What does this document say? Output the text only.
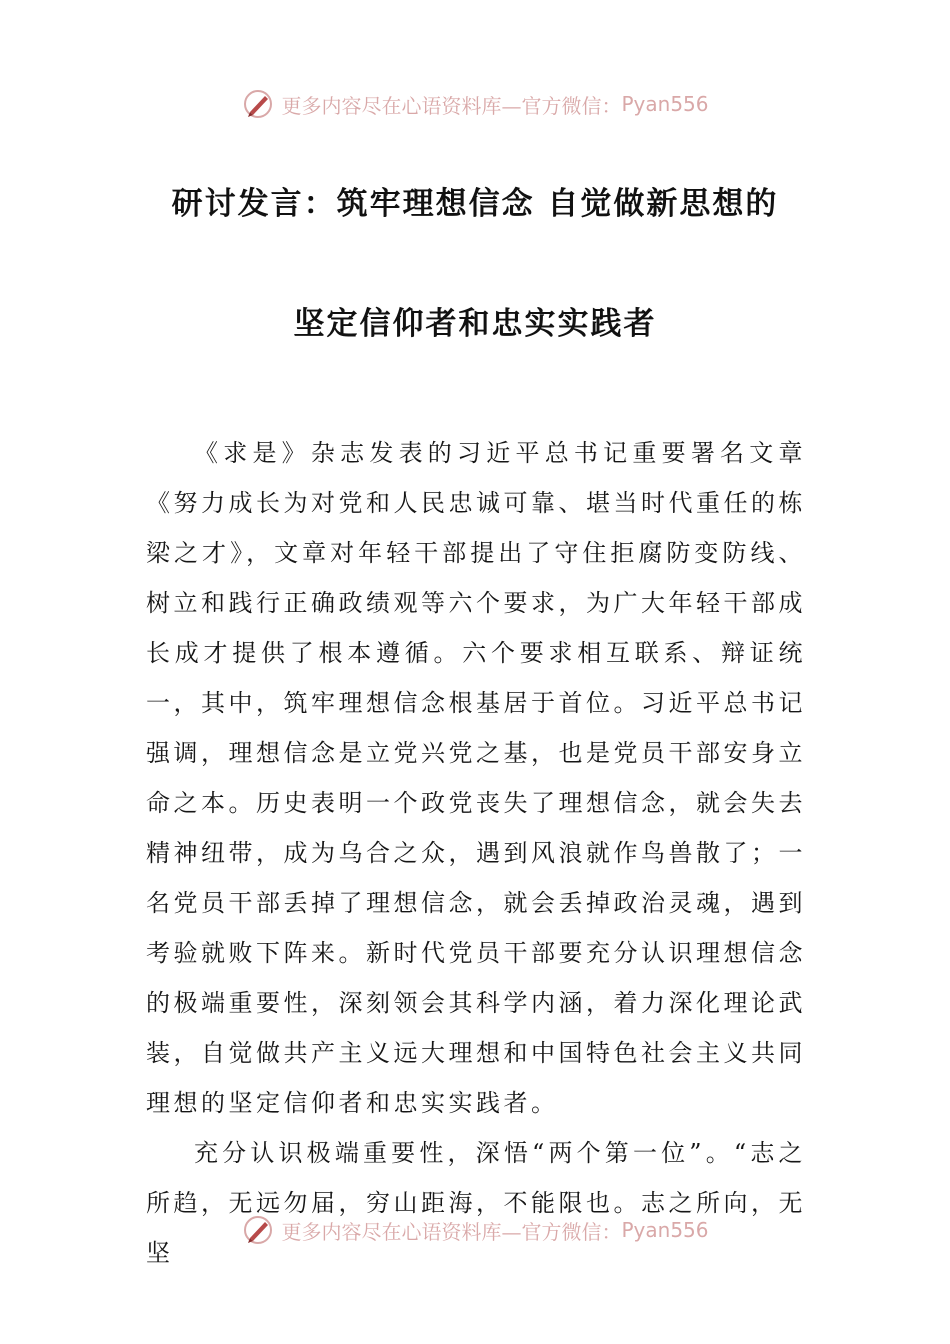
更多内容尽在心语资料库—官方微信： Pyan556
研讨发言：筑牢理想信念 自觉做新思想的
坚定信仰者和忠实实践者

《求是》杂志发表的习近平总书记重要署名文章《努力成长为对党和人民忠诚可靠、堪当时代重任的栋梁之才》，文章对年轻干部提出了守住拒腐防变防线、树立和践行正确政绩观等六个要求，为广大年轻干部成长成才提供了根本遵循。六个要求相互联系、辩证统一，其中，筑牢理想信念根基居于首位。习近平总书记强调，理想信念是立党兴党之基，也是党员干部安身立命之本。历史表明一个政党丧失了理想信念，就会失去精神纽带，成为乌合之众，遇到风浪就作鸟兽散了；一名党员干部丢掉了理想信念，就会丢掉政治灵魂，遇到考验就败下阵来。新时代党员干部要充分认识理想信念的极端重要性，深刻领会其科学内涵，着力深化理论武装，自觉做共产主义远大理想和中国特色社会主义共同理想的坚定信仰者和忠实实践者。

充分认识极端重要性，深悟“两个第一位”。“志之所趋，无远勿届，穷山距海，不能限也。志之所向，无坚

更多内容尽在心语资料库—官方微信： Pyan556
